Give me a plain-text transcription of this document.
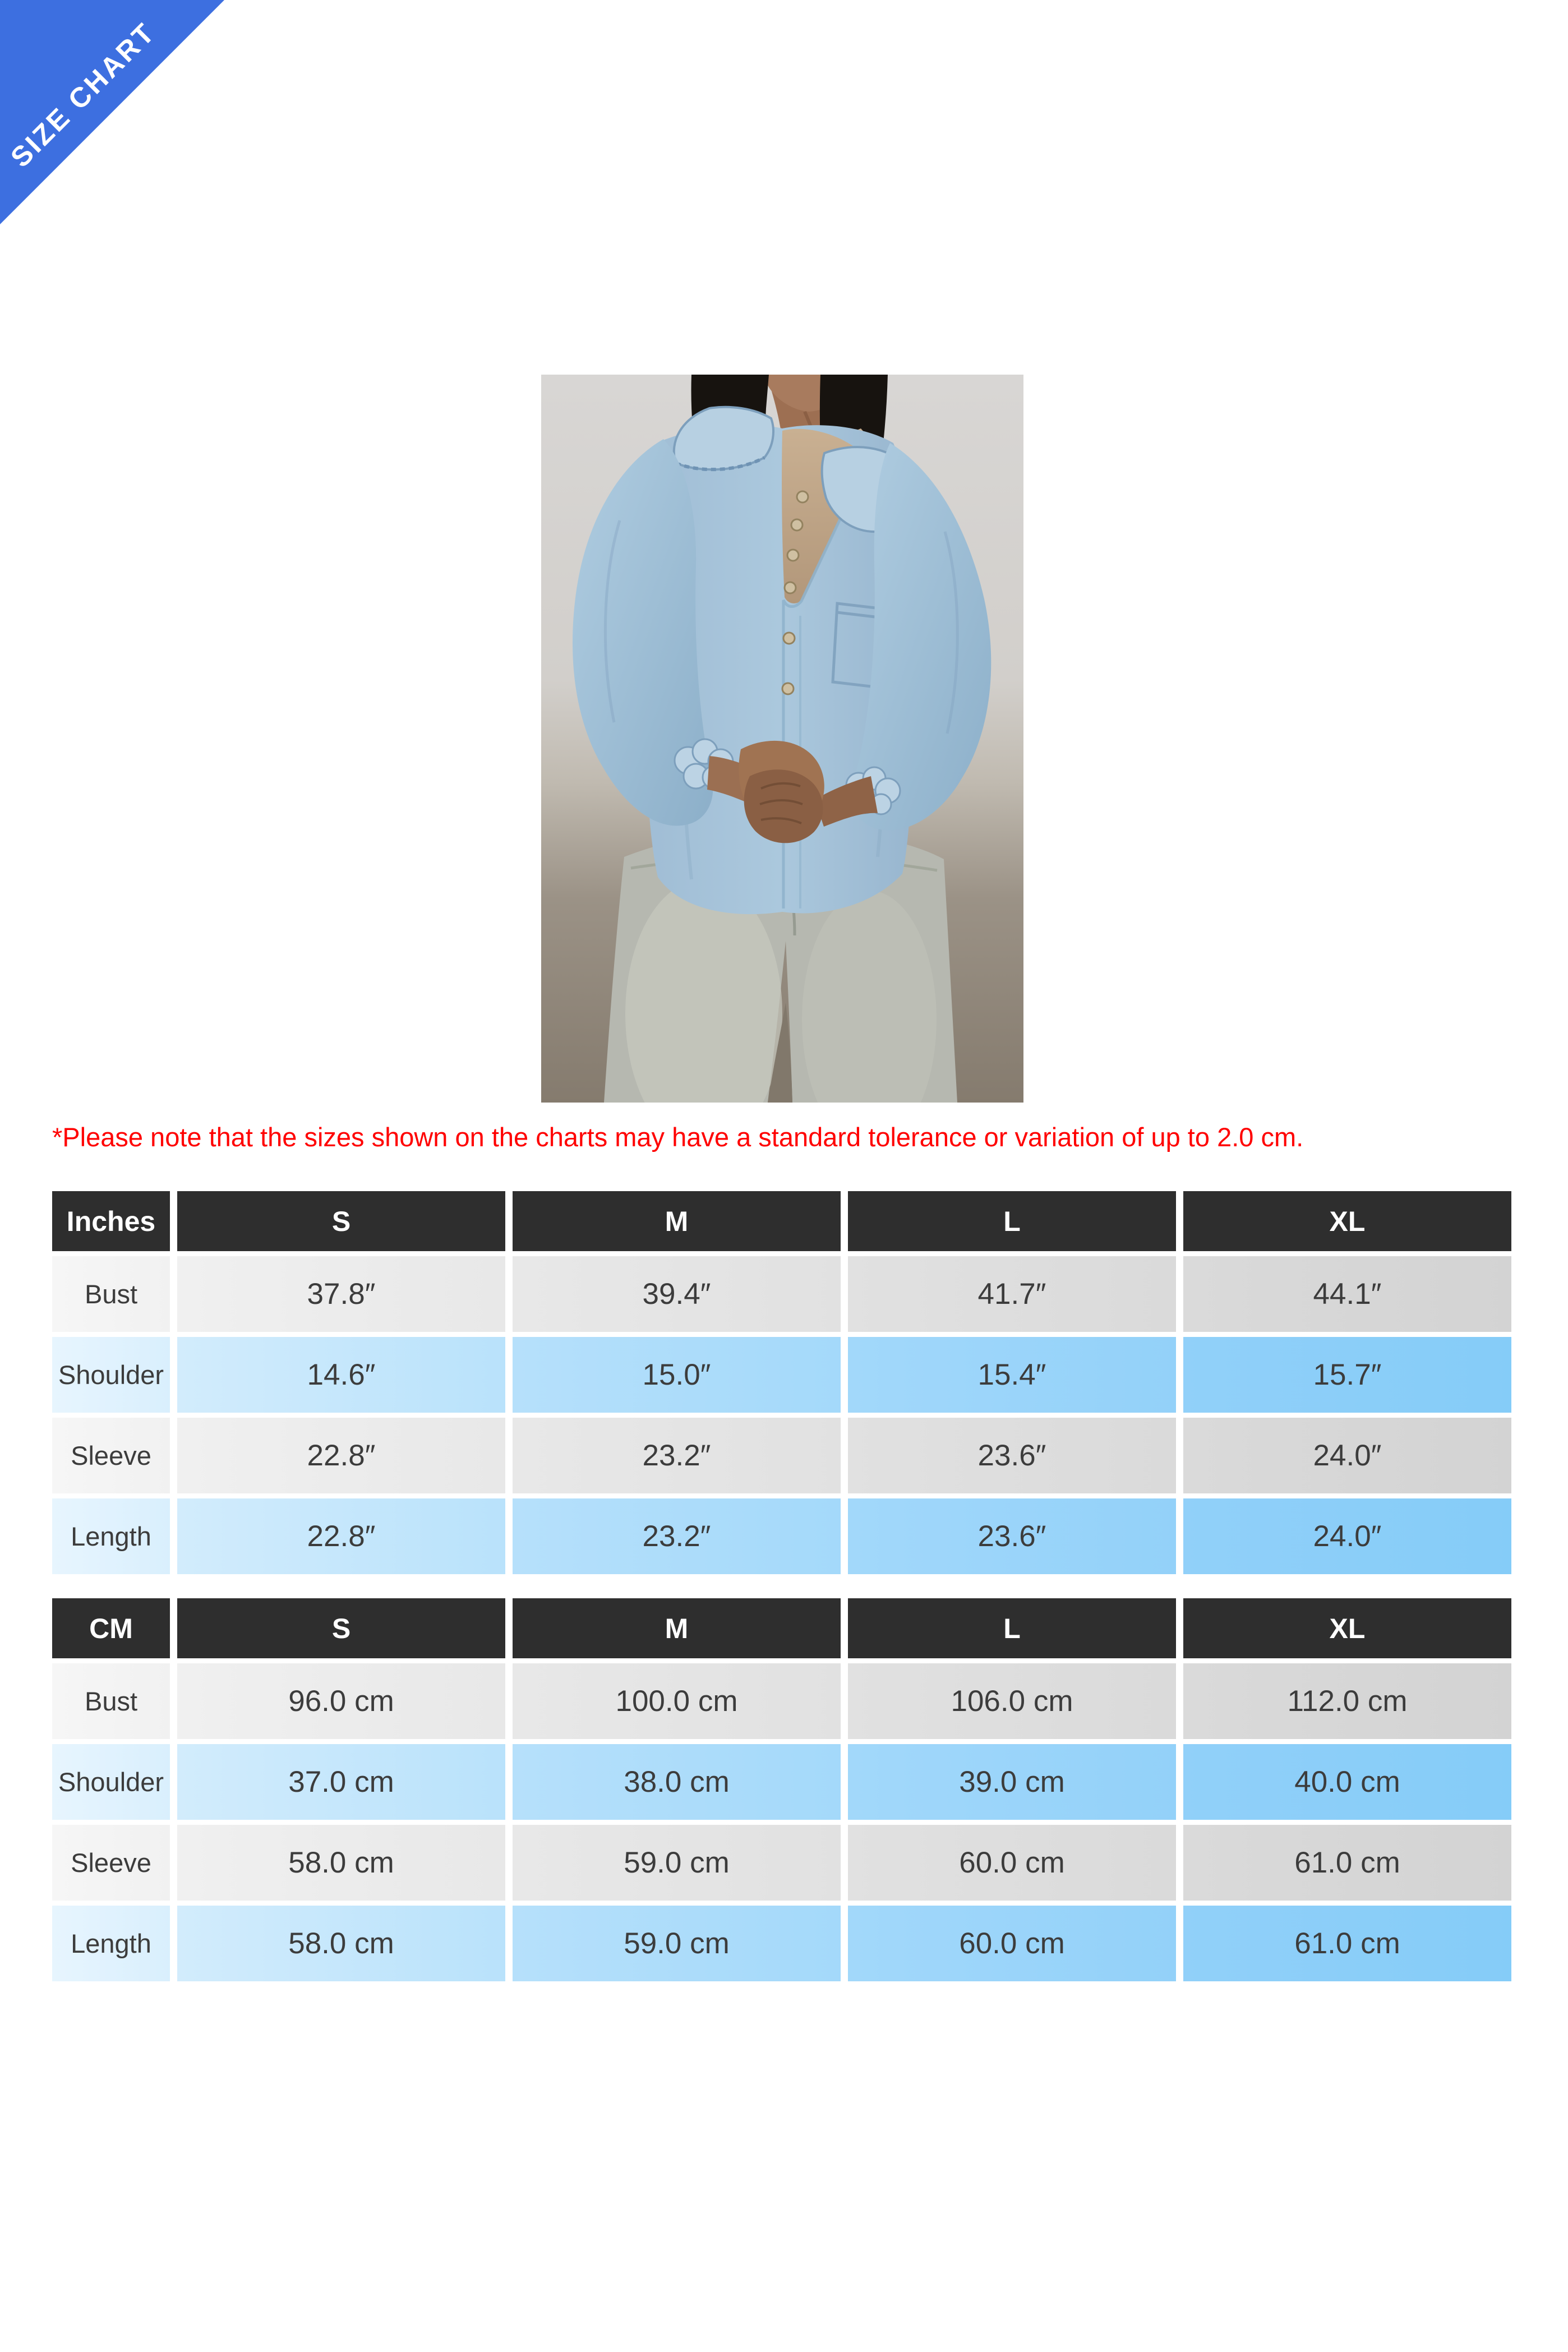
SIZE CHART

*Please note that the sizes shown on the charts may have a standard tolerance or variation of up to 2.0 cm.

Inches	S	M	L	XL
Bust	37.8″	39.4″	41.7″	44.1″
Shoulder	14.6″	15.0″	15.4″	15.7″
Sleeve	22.8″	23.2″	23.6″	24.0″
Length	22.8″	23.2″	23.6″	24.0″
CM	S	M	L	XL
Bust	96.0 cm	100.0 cm	106.0 cm	112.0 cm
Shoulder	37.0 cm	38.0 cm	39.0 cm	40.0 cm
Sleeve	58.0 cm	59.0 cm	60.0 cm	61.0 cm
Length	58.0 cm	59.0 cm	60.0 cm	61.0 cm
